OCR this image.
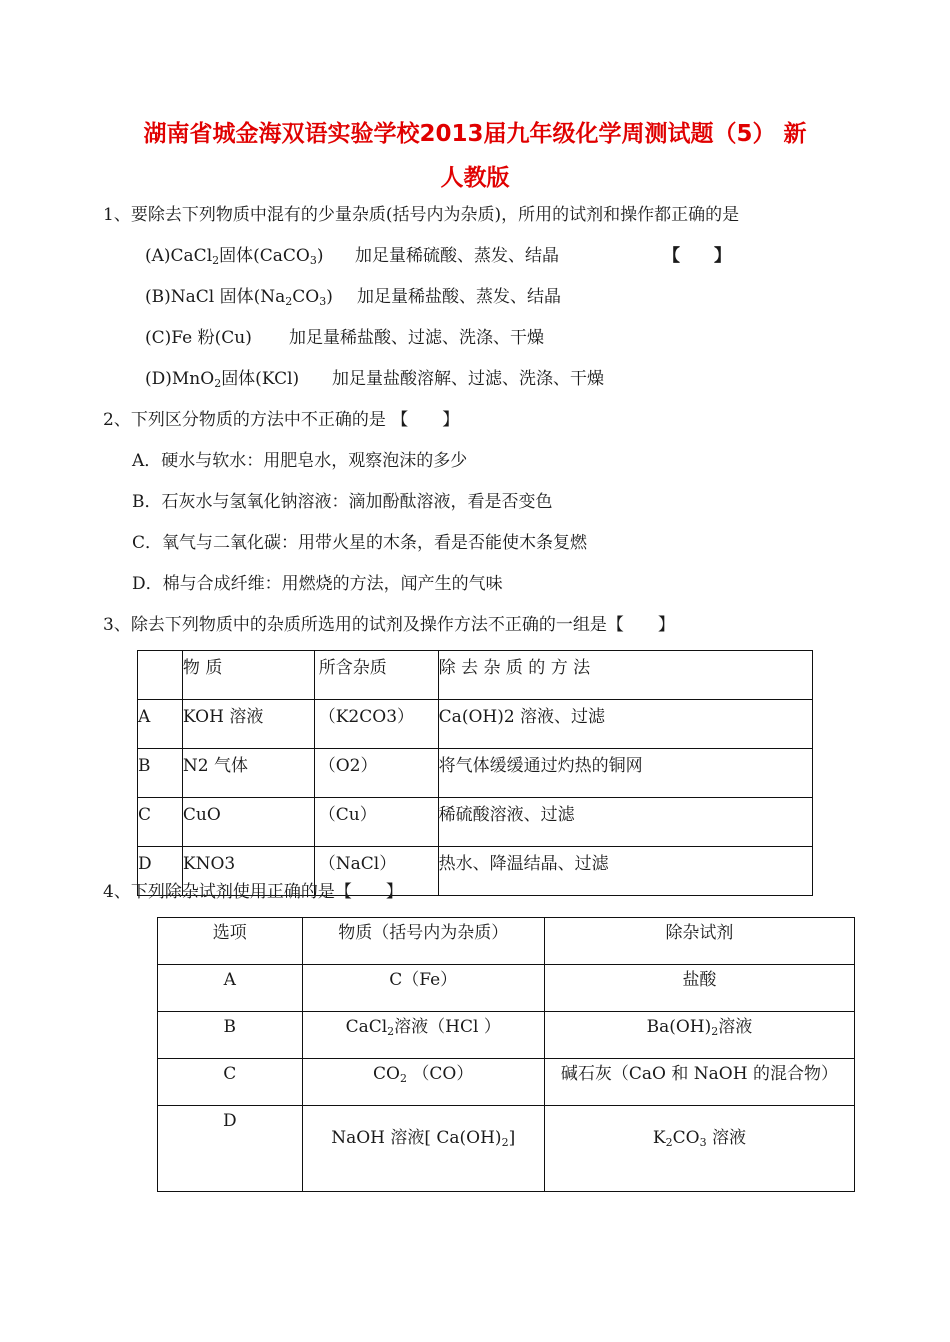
湖南省城金海双语实验学校2013届九年级化学周测试题（5） 新
人教版
1、要除去下列物质中混有的少量杂质(括号内为杂质)，所用的试剂和操作都正确的是
(A)CaCl$_2$固体(CaCO$_3$) 加足量稀硫酸、蒸发、结晶	【　　】
(B)NaCl 固体$(Na_2CO_3)$ 加足量稀盐酸、蒸发、结晶
(C)Fe 粉(Cu) 加足量稀盐酸、过滤、洗涤、干燥
(D)MnO$_2$固体(KCl) 加足量盐酸溶解、过滤、洗涤、干燥
2、下列区分物质的方法中不正确的是 【　　】
A．硬水与软水：用肥皂水，观察泡沫的多少
B．石灰水与氢氧化钠溶液：滴加酚酞溶液，看是否变色
C．氧气与二氧化碳：用带火星的木条，看是否能使木条复燃
D．棉与合成纤维：用燃烧的方法，闻产生的气味
3、除去下列物质中的杂质所选用的试剂及操作方法不正确的一组是【　　】
	物 质	所含杂质	除 去 杂 质 的 方 法
A	KOH 溶液	（K2CO3）	Ca(OH)2 溶液、过滤
B	N2 气体	（O2）	将气体缓缓通过灼热的铜网
C	CuO	（Cu）	稀硫酸溶液、过滤
D	KNO3	（NaCl）	热水、降温结晶、过滤
4、下列除杂试剂使用正确的是【　　】
选项	物质（括号内为杂质）	除杂试剂
A	C（Fe）	盐酸
B	CaCl$_2$溶液（HCl ）	$Ba(OH)_2$溶液
C	$CO_2$ （CO）	碱石灰（CaO 和 NaOH 的混合物）
D	NaOH 溶液[ $Ca(OH)_2$]	$K_2CO_3$ 溶液
